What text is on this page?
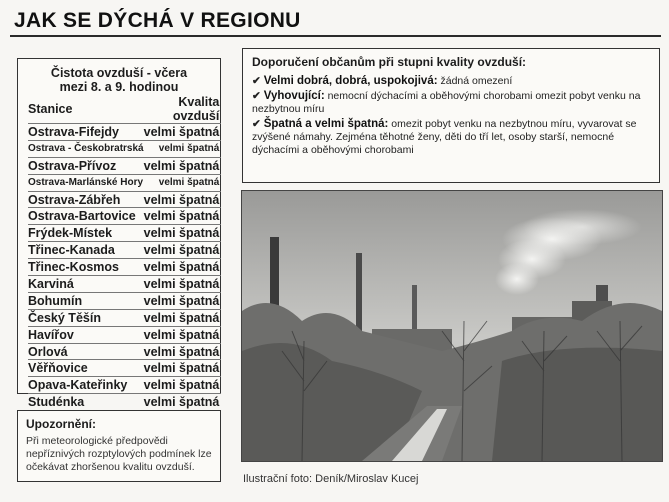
JAK SE DÝCHÁ V REGIONU
Čistota ovzduší - včera
mezi 8. a 9. hodinou
Stanice	Kvalita ovzduší
Ostrava-Fifejdy	velmi špatná
Ostrava - Českobratrská	velmi špatná
Ostrava-Přívoz	velmi špatná
Ostrava-Marlánské Hory	velmi špatná
Ostrava-Zábřeh	velmi špatná
Ostrava-Bartovice	velmi špatná
Frýdek-Místek	velmi špatná
Třinec-Kanada	velmi špatná
Třinec-Kosmos	velmi špatná
Karviná	velmi špatná
Bohumín	velmi špatná
Český Těšín	velmi špatná
Havířov	velmi špatná
Orlová	velmi špatná
Věřňovice	velmi špatná
Opava-Kateřinky	velmi špatná
Studénka	velmi špatná
Upozornění:
Při meteorologické předpovědi nepříznivých rozptylových podmínek lze očekávat zhoršenou kvalitu ovzduší.
Doporučení občanům při stupni kvality ovzduší:

✔ Velmi dobrá, dobrá, uspokojivá: žádná omezení

✔ Vyhovující: nemocní dýchacími a oběhovými chorobami omezit pobyt venku na nezbytnou míru

✔ Špatná a velmi špatná: omezit pobyt venku na nezbytnou míru, vyvarovat se zvýšené námahy. Zejména těhotné ženy, děti do tří let, osoby starší, nemocné dýchacími a oběhovými chorobami

Ilustrační foto: Deník/Miroslav Kucej
